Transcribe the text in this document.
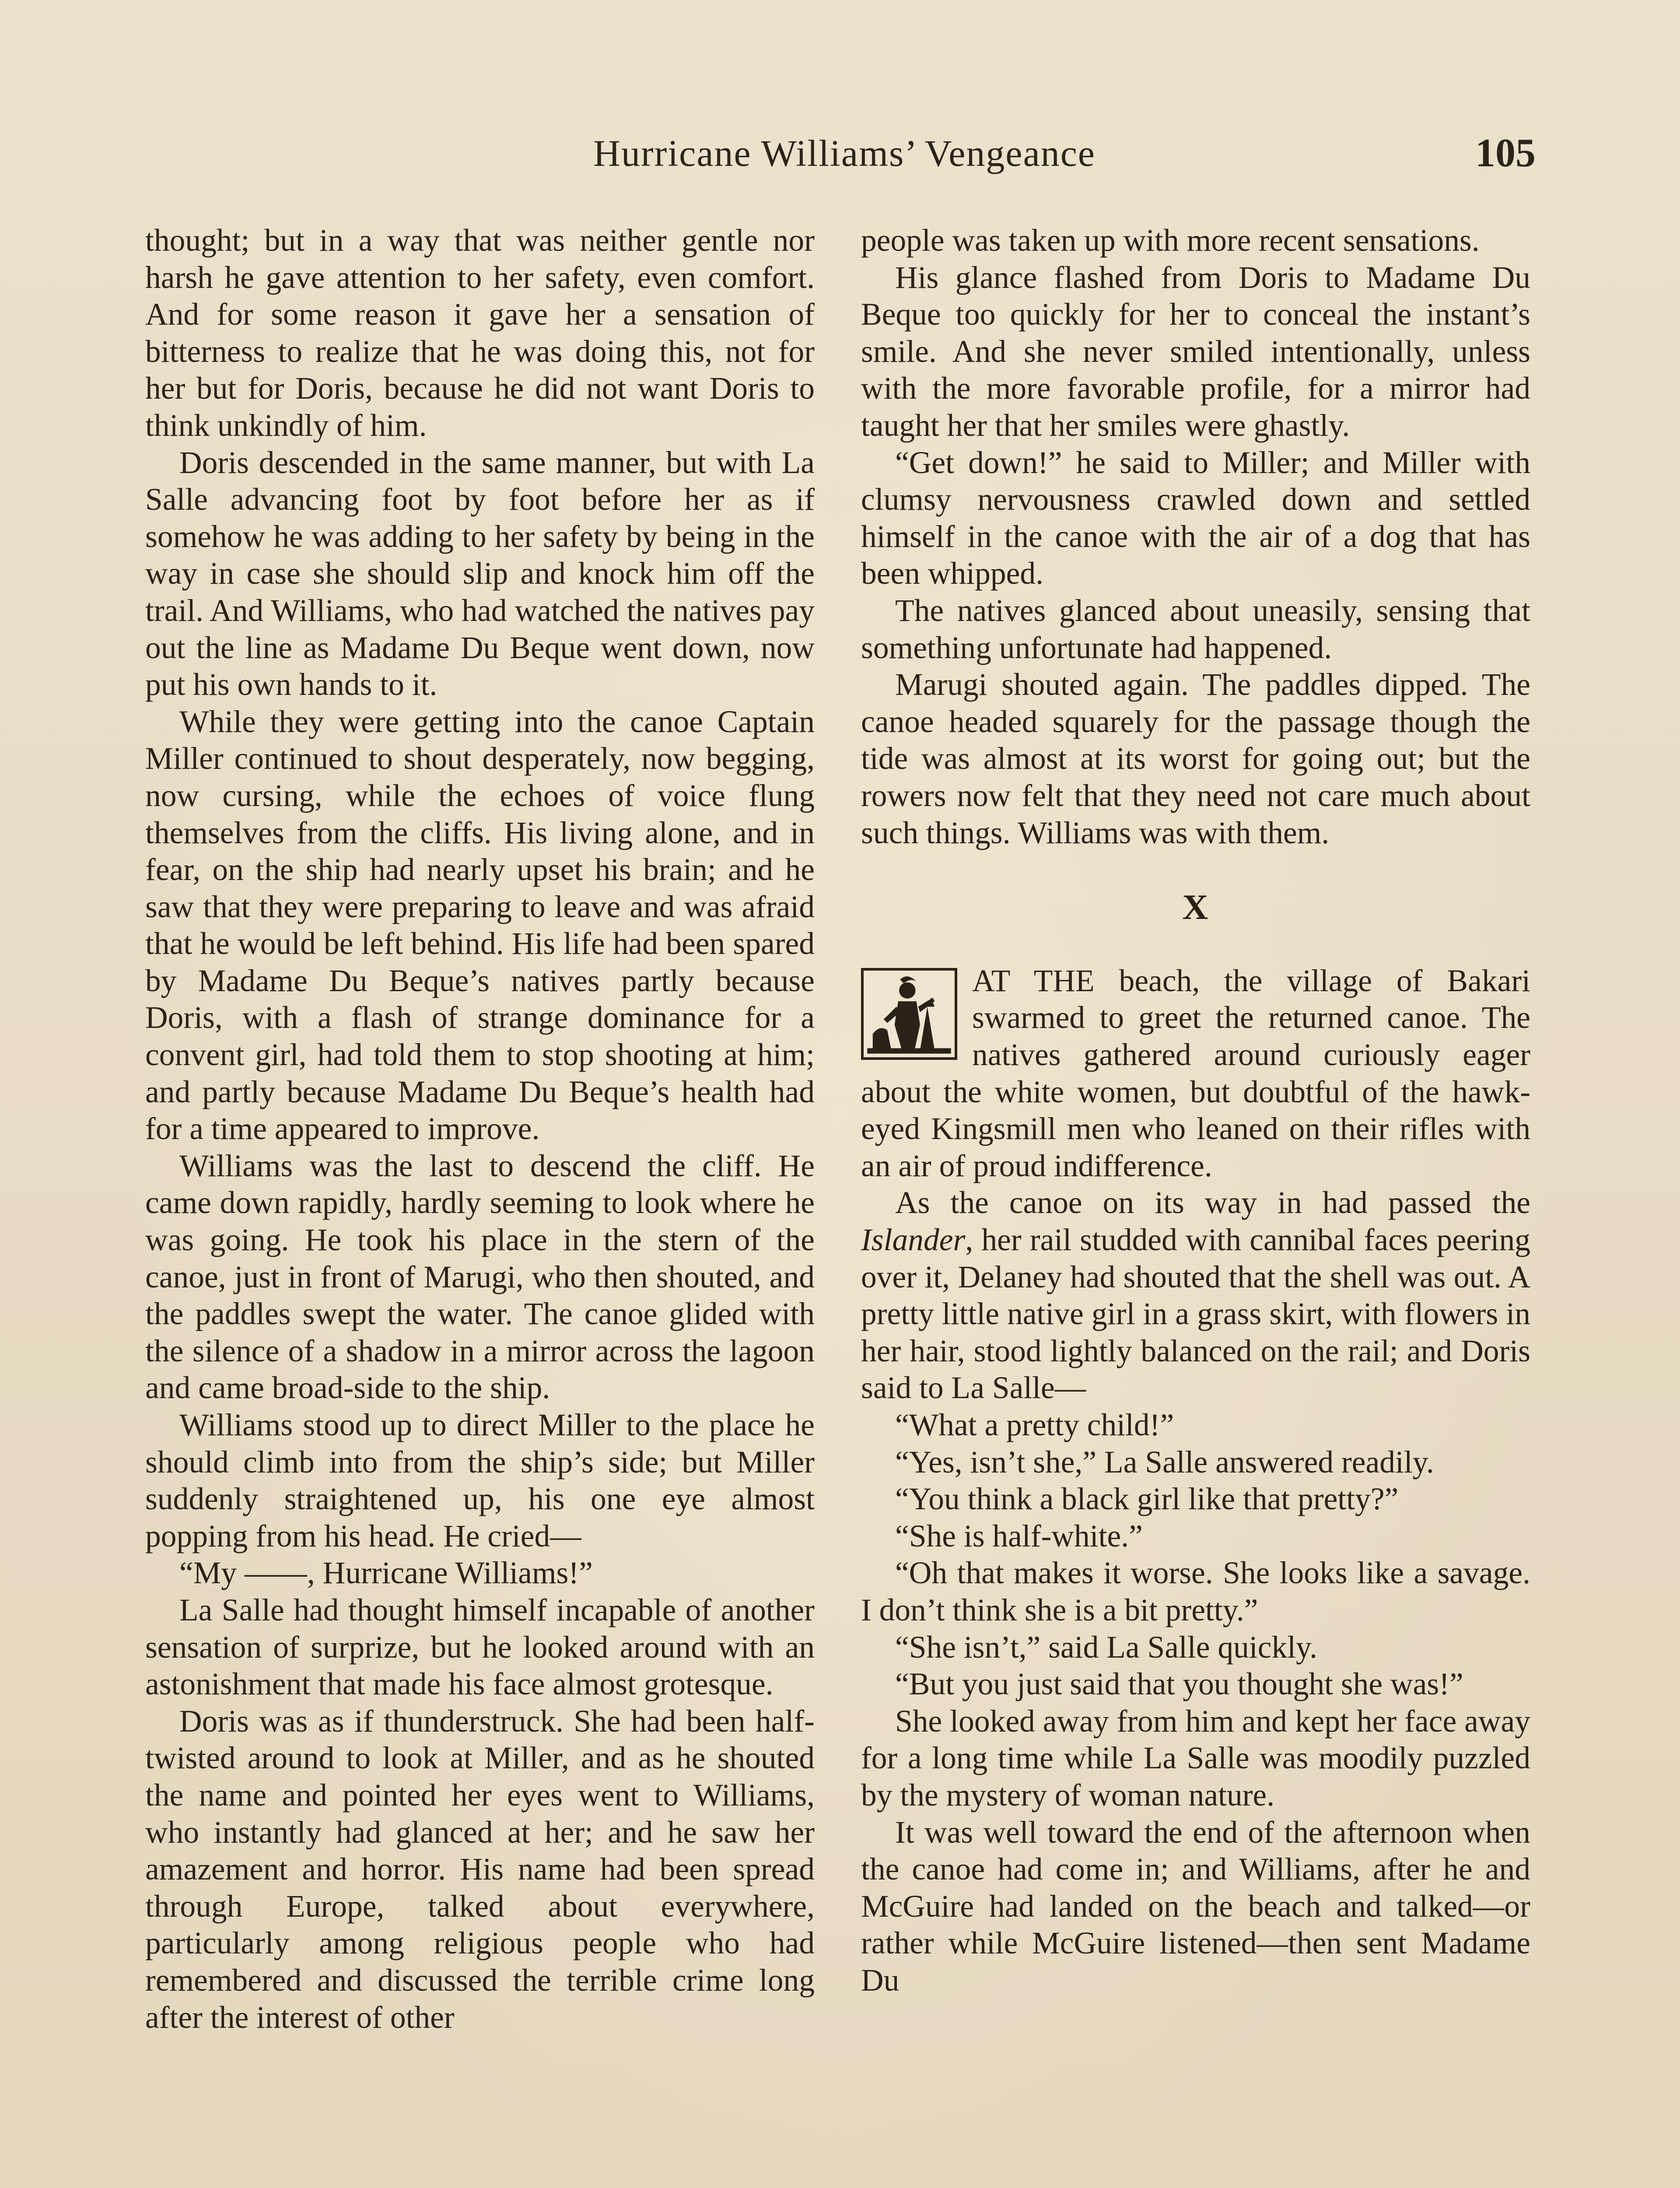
Hurricane Williams’ Vengeance	105

thought; but in a way that was neither gentle nor harsh he gave attention to her safety, even comfort. And for some reason it gave her a sensation of bitterness to realize that he was doing this, not for her but for Doris, because he did not want Doris to think unkindly of him.

Doris descended in the same manner, but with La Salle advancing foot by foot before her as if somehow he was adding to her safety by being in the way in case she should slip and knock him off the trail. And Williams, who had watched the natives pay out the line as Madame Du Beque went down, now put his own hands to it.

While they were getting into the canoe Captain Miller continued to shout desperately, now begging, now cursing, while the echoes of voice flung themselves from the cliffs. His living alone, and in fear, on the ship had nearly upset his brain; and he saw that they were preparing to leave and was afraid that he would be left behind. His life had been spared by Madame Du Beque’s natives partly because Doris, with a flash of strange dominance for a convent girl, had told them to stop shooting at him; and partly because Madame Du Beque’s health had for a time appeared to improve.

Williams was the last to descend the cliff. He came down rapidly, hardly seeming to look where he was going. He took his place in the stern of the canoe, just in front of Marugi, who then shouted, and the paddles swept the water. The canoe glided with the silence of a shadow in a mirror across the lagoon and came broad-side to the ship.

Williams stood up to direct Miller to the place he should climb into from the ship’s side; but Miller suddenly straightened up, his one eye almost popping from his head. He cried—

“My ——, Hurricane Williams!”

La Salle had thought himself incapable of another sensation of surprize, but he looked around with an astonishment that made his face almost grotesque.

Doris was as if thunderstruck. She had been half-twisted around to look at Miller, and as he shouted the name and pointed her eyes went to Williams, who instantly had glanced at her; and he saw her amazement and horror. His name had been spread through Europe, talked about everywhere, particularly among religious people who had remembered and discussed the terrible crime long after the interest of other

people was taken up with more recent sensations.

His glance flashed from Doris to Madame Du Beque too quickly for her to conceal the instant’s smile. And she never smiled intentionally, unless with the more favorable profile, for a mirror had taught her that her smiles were ghastly.

“Get down!” he said to Miller; and Miller with clumsy nervousness crawled down and settled himself in the canoe with the air of a dog that has been whipped.

The natives glanced about uneasily, sensing that something unfortunate had happened.

Marugi shouted again. The paddles dipped. The canoe headed squarely for the passage though the tide was almost at its worst for going out; but the rowers now felt that they need not care much about such things. Williams was with them.

X

AT THE beach, the village of Bakari swarmed to greet the returned canoe. The natives gathered around curiously eager about the white women, but doubtful of the hawk-eyed Kingsmill men who leaned on their rifles with an air of proud indifference.

As the canoe on its way in had passed the Islander, her rail studded with cannibal faces peering over it, Delaney had shouted that the shell was out. A pretty little native girl in a grass skirt, with flowers in her hair, stood lightly balanced on the rail; and Doris said to La Salle—

“What a pretty child!”

“Yes, isn’t she,” La Salle answered readily.

“You think a black girl like that pretty?”

“She is half-white.”

“Oh that makes it worse. She looks like a savage. I don’t think she is a bit pretty.”

“She isn’t,” said La Salle quickly.

“But you just said that you thought she was!”

She looked away from him and kept her face away for a long time while La Salle was moodily puzzled by the mystery of woman nature.

It was well toward the end of the afternoon when the canoe had come in; and Williams, after he and McGuire had landed on the beach and talked—or rather while McGuire listened—then sent Madame Du
